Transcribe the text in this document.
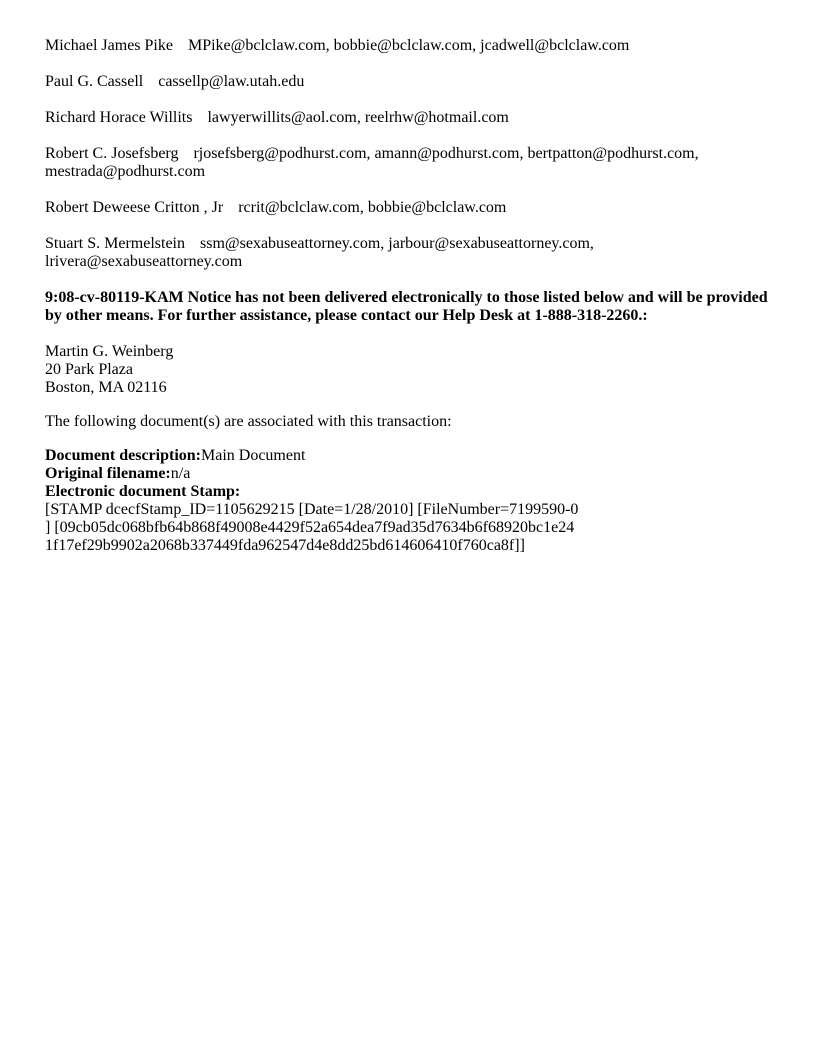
Michael James Pike MPike@bclclaw.com, bobbie@bclclaw.com, jcadwell@bclclaw.com
Paul G. Cassell cassellp@law.utah.edu
Richard Horace Willits lawyerwillits@aol.com, reelrhw@hotmail.com
Robert C. Josefsberg rjosefsberg@podhurst.com, amann@podhurst.com, bertpatton@podhurst.com,
mestrada@podhurst.com
Robert Deweese Critton , Jr rcrit@bclclaw.com, bobbie@bclclaw.com
Stuart S. Mermelstein ssm@sexabuseattorney.com, jarbour@sexabuseattorney.com,
lrivera@sexabuseattorney.com
9:08-cv-80119-KAM Notice has not been delivered electronically to those listed below and will be provided
by other means. For further assistance, please contact our Help Desk at 1-888-318-2260.:
Martin G. Weinberg
20 Park Plaza
Boston, MA 02116
The following document(s) are associated with this transaction:
Document description:Main Document
Original filename:n/a
Electronic document Stamp:
[STAMP dcecfStamp_ID=1105629215 [Date=1/28/2010] [FileNumber=7199590-0
] [09cb05dc068bfb64b868f49008e4429f52a654dea7f9ad35d7634b6f68920bc1e24
1f17ef29b9902a2068b337449fda962547d4e8dd25bd614606410f760ca8f]]
